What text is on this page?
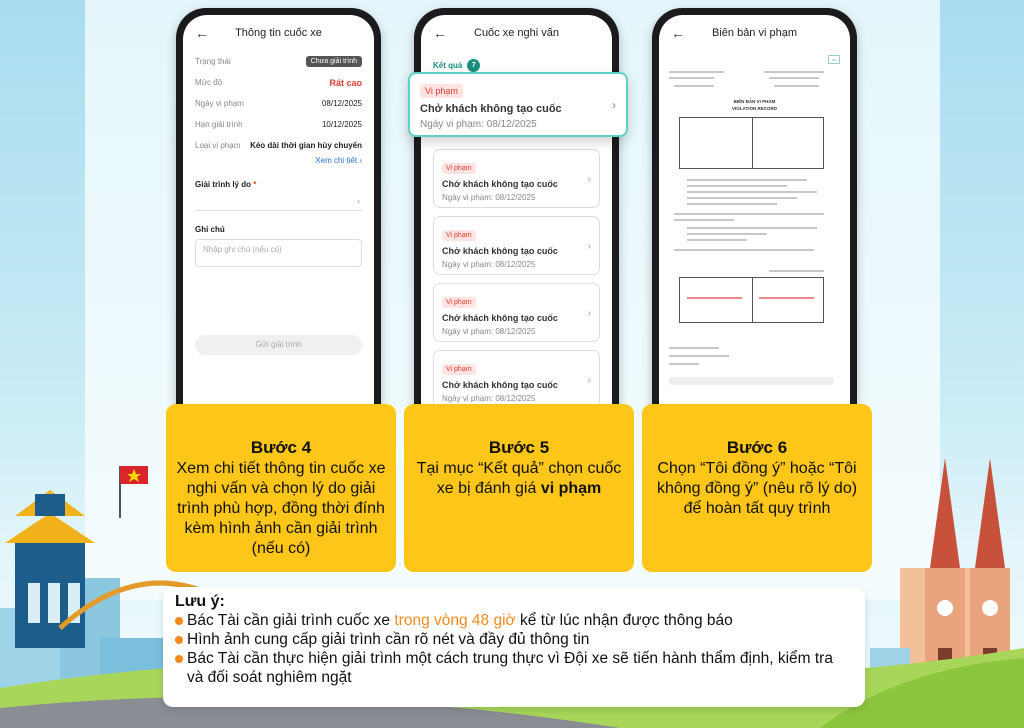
←	Thông tin cuốc xe
Trạng thái	Chưa giải trình
Mức độ	Rất cao
Ngày vi phạm	08/12/2025
Hạn giải trình	10/12/2025
Loại vi phạm Kéo dài thời gian hủy chuyến
Xem chi tiết ›
Giải trình lý do *
›
Ghi chú
Nhập ghi chú (nếu có)
Gửi giải trình
←	Cuốc xe nghi vấn
Kết quả	7
Vi phạm
Chở khách không tạo cuốc
Ngày vi phạm: 08/12/2025
›
Vi phạm
Chở khách không tạo cuốc
Ngày vi phạm: 08/12/2025
›
Vi phạm
Chở khách không tạo cuốc
Ngày vi phạm: 08/12/2025
›
Vi phạm
Chở khách không tạo cuốc
Ngày vi phạm: 08/12/2025
›
Vi phạm
Chở khách không tạo cuốc
Ngày vi phạm: 08/12/2025
›
←	Biên bản vi phạm
▭
BIÊN BẢN VI PHẠM
VIOLATION RECORD
Bước 4
Xem chi tiết thông tin cuốc xe nghi vấn và chọn lý do giải trình phù hợp, đồng thời đính kèm hình ảnh cần giải trình (nếu có)
Bước 5
Tại mục “Kết quả” chọn cuốc xe bị đánh giá vi phạm
Bước 6
Chọn “Tôi đồng ý” hoặc “Tôi không đồng ý” (nêu rõ lý do) để hoàn tất quy trình
Lưu ý:
Bác Tài cần giải trình cuốc xe trong vòng 48 giờ kể từ lúc nhận được thông báo
Hình ảnh cung cấp giải trình cần rõ nét và đầy đủ thông tin
Bác Tài cần thực hiện giải trình một cách trung thực vì Đội xe sẽ tiến hành thẩm định, kiểm tra và đối soát nghiêm ngặt
